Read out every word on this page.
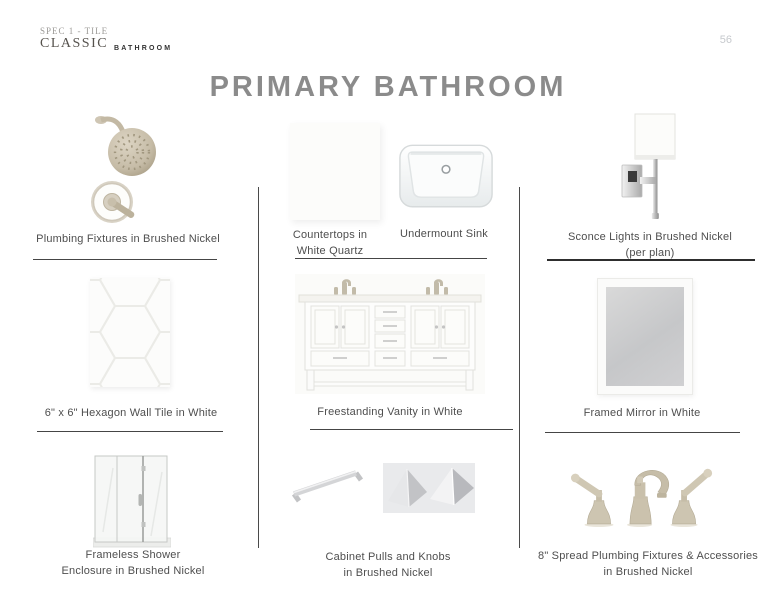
SPEC 1 - TILE
CLASSIC BATHROOM
56
PRIMARY BATHROOM
Plumbing Fixtures in Brushed Nickel	Countertops in
White Quartz
Undermount Sink	Sconce Lights in Brushed Nickel
(per plan)
6" x 6" Hexagon Wall Tile in White	Freestanding Vanity in White	Framed Mirror in White
Frameless Shower
Enclosure in Brushed Nickel
Cabinet Pulls and Knobs
in Brushed Nickel
8" Spread Plumbing Fixtures & Accessories
in Brushed Nickel
